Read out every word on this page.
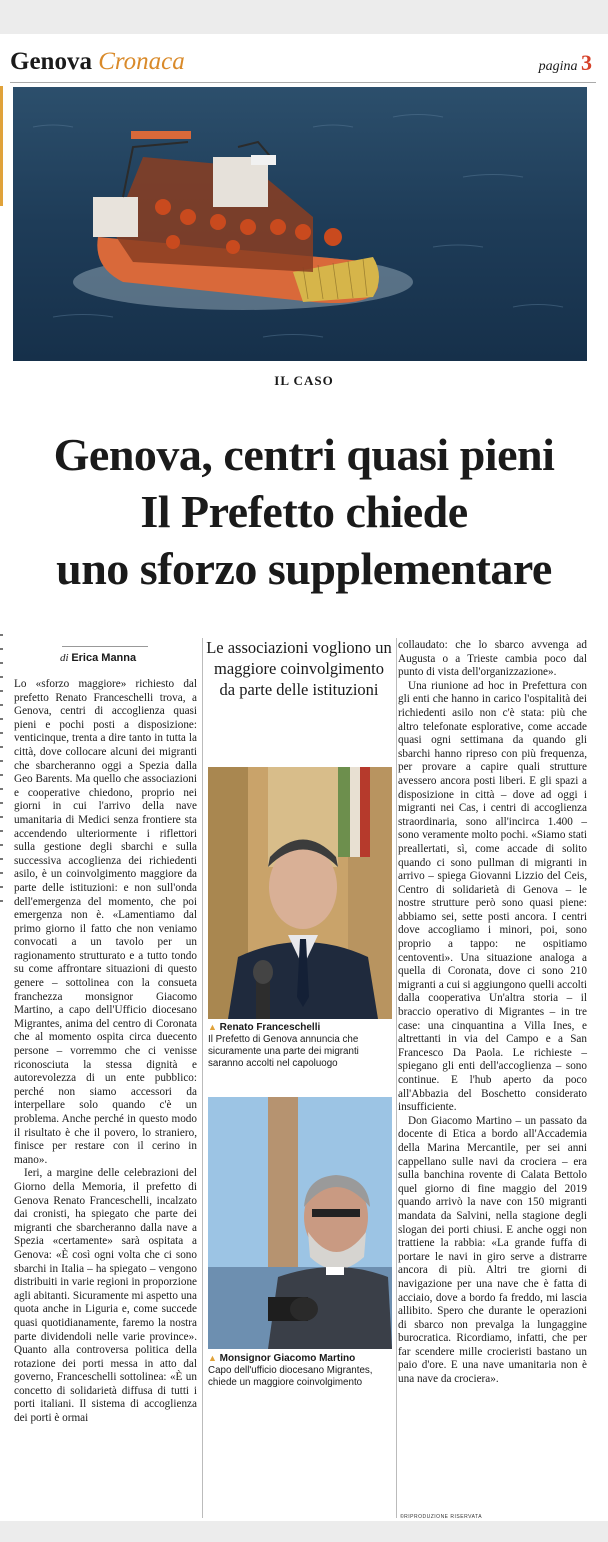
Genova Cronaca	pagina 3
IL CASO
Genova, centri quasi pieni
Il Prefetto chiede
uno sforzo supplementare
di Erica Manna

Lo «sforzo maggiore» richiesto dal prefetto Renato Franceschelli trova, a Genova, centri di accoglienza quasi pieni e pochi posti a disposizione: venticinque, trenta a dire tanto in tutta la città, dove collocare alcuni dei migranti che sbarcheranno oggi a Spezia dalla Geo Barents. Ma quello che associazioni e cooperative chiedono, proprio nei giorni in cui l'arrivo della nave umanitaria di Medici senza frontiere sta accendendo ulteriormente i riflettori sulla gestione degli sbarchi e sulla successiva accoglienza dei richiedenti asilo, è un coinvolgimento maggiore da parte delle istituzioni: e non sull'onda dell'emergenza del momento, che poi emergenza non è. «Lamentiamo dal primo giorno il fatto che non veniamo convocati a un tavolo per un ragionamento strutturato e a tutto tondo su come affrontare situazioni di questo genere – sottolinea con la consueta franchezza monsignor Giacomo Martino, a capo dell'Ufficio diocesano Migrantes, anima del centro di Coronata che al momento ospita circa duecento persone – vorremmo che ci venisse riconosciuta la stessa dignità e autorevolezza di un ente pubblico: perché non siamo accessori da interpellare solo quando c'è un problema. Anche perché in questo modo il risultato è che il povero, lo straniero, finisce per restare con il cerino in mano».

Ieri, a margine delle celebrazioni del Giorno della Memoria, il prefetto di Genova Renato Franceschelli, incalzato dai cronisti, ha spiegato che parte dei migranti che sbarcheranno dalla nave a Spezia «certamente» sarà ospitata a Genova: «È così ogni volta che ci sono sbarchi in Italia – ha spiegato – vengono distribuiti in varie regioni in proporzione agli abitanti. Sicuramente mi aspetto una quota anche in Liguria e, come succede quasi quotidianamente, faremo la nostra parte dividendoli nelle varie province». Quanto alla controversa politica della rotazione dei porti messa in atto dal governo, Franceschelli sottolinea: «È un concetto di solidarietà diffusa di tutti i porti italiani. Il sistema di accoglienza dei porti è ormai

Le associazioni vogliono un maggiore coinvolgimento da parte delle istituzioni
▲ Renato Franceschelli
Il Prefetto di Genova annuncia che sicuramente una parte dei migranti saranno accolti nel capoluogo
▲ Monsignor Giacomo Martino
Capo dell'ufficio diocesano Migrantes, chiede un maggiore coinvolgimento

collaudato: che lo sbarco avvenga ad Augusta o a Trieste cambia poco dal punto di vista dell'organizzazione».

Una riunione ad hoc in Prefettura con gli enti che hanno in carico l'ospitalità dei richiedenti asilo non c'è stata: più che altro telefonate esplorative, come accade quasi ogni settimana da quando gli sbarchi hanno ripreso con più frequenza, per provare a capire quali strutture avessero ancora posti liberi. E gli spazi a disposizione in città – dove ad oggi i migranti nei Cas, i centri di accoglienza straordinaria, sono all'incirca 1.400 – sono veramente molto pochi. «Siamo stati preallertati, sì, come accade di solito quando ci sono pullman di migranti in arrivo – spiega Giovanni Lizzio del Ceis, Centro di solidarietà di Genova – le nostre strutture però sono quasi piene: abbiamo sei, sette posti ancora. I centri dove accogliamo i minori, poi, sono proprio a tappo: ne ospitiamo centoventi». Una situazione analoga a quella di Coronata, dove ci sono 210 migranti a cui si aggiungono quelli accolti dalla cooperativa Un'altra storia – il braccio operativo di Migrantes – in tre case: una cinquantina a Villa Ines, e altrettanti in via del Campo e a San Francesco Da Paola. Le richieste – spiegano gli enti dell'accoglienza – sono continue. E l'hub aperto da poco all'Abbazia del Boschetto considerato insufficiente.

Don Giacomo Martino – un passato da docente di Etica a bordo all'Accademia della Marina Mercantile, per sei anni cappellano sulle navi da crociera – era sulla banchina rovente di Calata Bettolo quel giorno di fine maggio del 2019 quando arrivò la nave con 150 migranti mandata da Salvini, nella stagione degli slogan dei porti chiusi. E anche oggi non trattiene la rabbia: «La grande fuffa di portare le navi in giro serve a distrarre ancora di più. Altri tre giorni di navigazione per una nave che è fatta di acciaio, dove a bordo fa freddo, mi lascia allibito. Spero che durante le operazioni di sbarco non prevalga la lungaggine burocratica. Ricordiamo, infatti, che per far scendere mille crocieristi bastano un paio d'ore. E una nave umanitaria non è una nave da crociera».

©RIPRODUZIONE RISERVATA
